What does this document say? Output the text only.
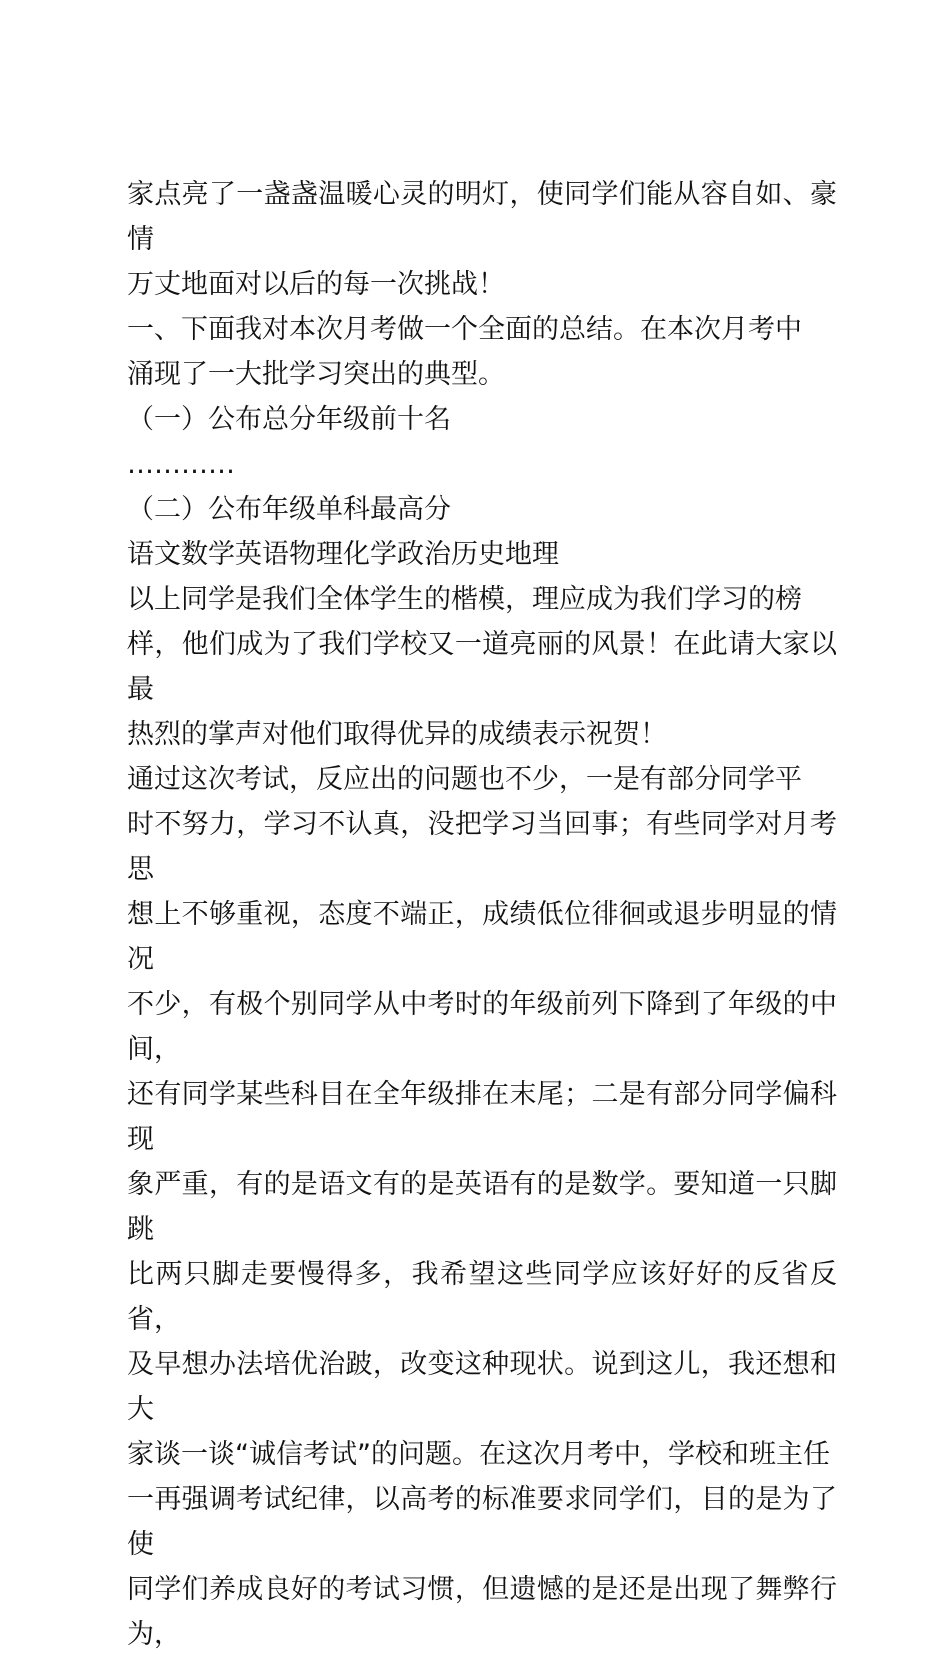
家点亮了一盏盏温暖心灵的明灯，使同学们能从容自如、豪情

万丈地面对以后的每一次挑战！

一、下面我对本次月考做一个全面的总结。在本次月考中

涌现了一大批学习突出的典型。

（一）公布总分年级前十名

…………

（二）公布年级单科最高分

语文数学英语物理化学政治历史地理

以上同学是我们全体学生的楷模，理应成为我们学习的榜

样，他们成为了我们学校又一道亮丽的风景！在此请大家以最

热烈的掌声对他们取得优异的成绩表示祝贺！

通过这次考试，反应出的问题也不少，一是有部分同学平

时不努力，学习不认真，没把学习当回事；有些同学对月考思

想上不够重视，态度不端正，成绩低位徘徊或退步明显的情况

不少，有极个别同学从中考时的年级前列下降到了年级的中间，

还有同学某些科目在全年级排在末尾；二是有部分同学偏科现

象严重，有的是语文有的是英语有的是数学。要知道一只脚跳

比两只脚走要慢得多，我希望这些同学应该好好的反省反省，

及早想办法培优治跛，改变这种现状。说到这儿，我还想和大

家谈一谈“诚信考试”的问题。在这次月考中，学校和班主任

一再强调考试纪律，以高考的标准要求同学们，目的是为了使

同学们养成良好的考试习惯，但遗憾的是还是出现了舞弊行为，
